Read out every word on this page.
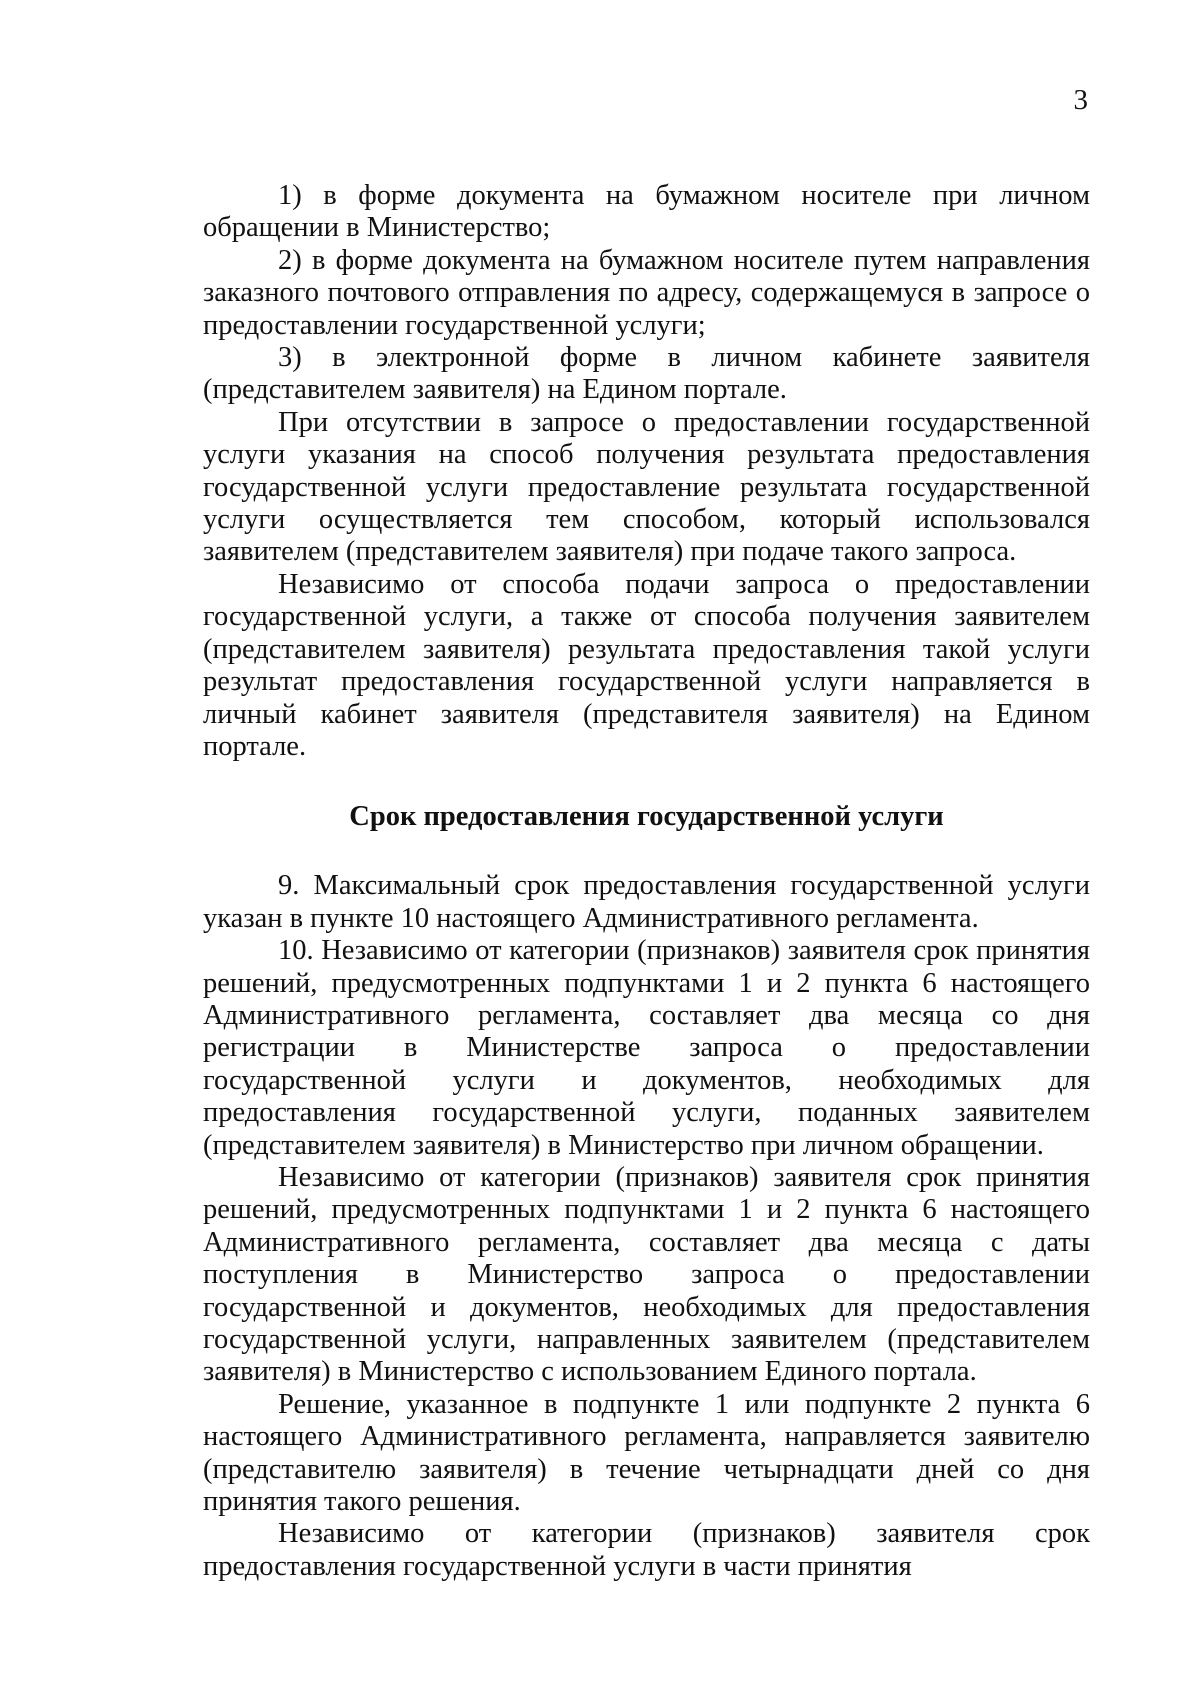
3

1) в форме документа на бумажном носителе при личном обращении в Министерство;

2) в форме документа на бумажном носителе путем направления заказного почтового отправления по адресу, содержащемуся в запросе о предоставлении государственной услуги;

3) в электронной форме в личном кабинете заявителя (представителем заявителя) на Едином портале.

При отсутствии в запросе о предоставлении государственной услуги указания на способ получения результата предоставления государственной услуги предоставление результата государственной услуги осуществляется тем способом, который использовался заявителем (представителем заявителя) при подаче такого запроса.

Независимо от способа подачи запроса о предоставлении государственной услуги, а также от способа получения заявителем (представителем заявителя) результата предоставления такой услуги результат предоставления государственной услуги направляется в личный кабинет заявителя (представителя заявителя) на Едином портале.

Срок предоставления государственной услуги

9. Максимальный срок предоставления государственной услуги указан в пункте 10 настоящего Административного регламента.

10. Независимо от категории (признаков) заявителя срок принятия решений, предусмотренных подпунктами 1 и 2 пункта 6 настоящего Административного регламента, составляет два месяца со дня регистрации в Министерстве запроса о предоставлении государственной услуги и документов, необходимых для предоставления государственной услуги, поданных заявителем (представителем заявителя) в Министерство при личном обращении.

Независимо от категории (признаков) заявителя срок принятия решений, предусмотренных подпунктами 1 и 2 пункта 6 настоящего Административного регламента, составляет два месяца с даты поступления в Министерство запроса о предоставлении государственной и документов, необходимых для предоставления государственной услуги, направленных заявителем (представителем заявителя) в Министерство с использованием Единого портала.

Решение, указанное в подпункте 1 или подпункте 2 пункта 6 настоящего Административного регламента, направляется заявителю (представителю заявителя) в течение четырнадцати дней со дня принятия такого решения.

Независимо от категории (признаков) заявителя срок предоставления государственной услуги в части принятия
